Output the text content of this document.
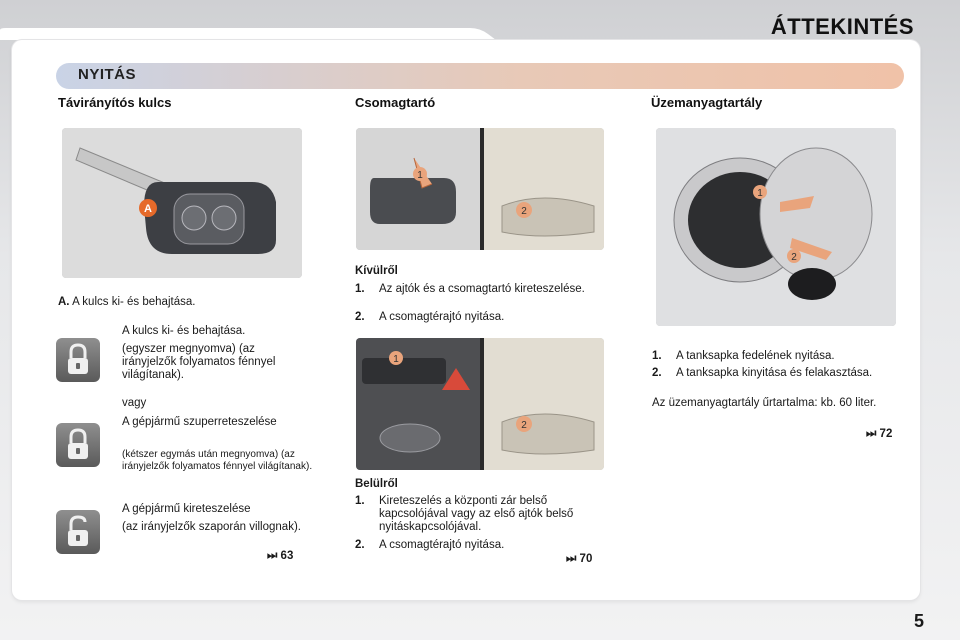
ÁTTEKINTÉS
NYITÁS
Távirányítós kulcs
A
A. A kulcs ki- és behajtása.
A kulcs ki- és behajtása.
(egyszer megnyomva) (az irányjelzők folyamatos fénnyel világítanak).
vagy
A gépjármű szuperreteszelése
(kétszer egymás után megnyomva) (az irányjelzők folyamatos fénnyel világítanak).
A gépjármű kireteszelése
(az irányjelzők szaporán villognak).
⏭ 63
Csomagtartó
2
1
Kívülről
1.	Az ajtók és a csomagtartó kireteszelése.
2.	A csomagtérajtó nyitása.
1
2
Belülről
1.	Kireteszelés a központi zár belső kapcsolójával vagy az első ajtók belső nyitáskapcsolójával.
2.	A csomagtérajtó nyitása.
⏭ 70
Üzemanyagtartály
1
2
1.	A tanksapka fedelének nyitása.
2.	A tanksapka kinyitása és felakasztása.
Az üzemanyagtartály űrtartalma: kb. 60 liter.
⏭ 72
5
